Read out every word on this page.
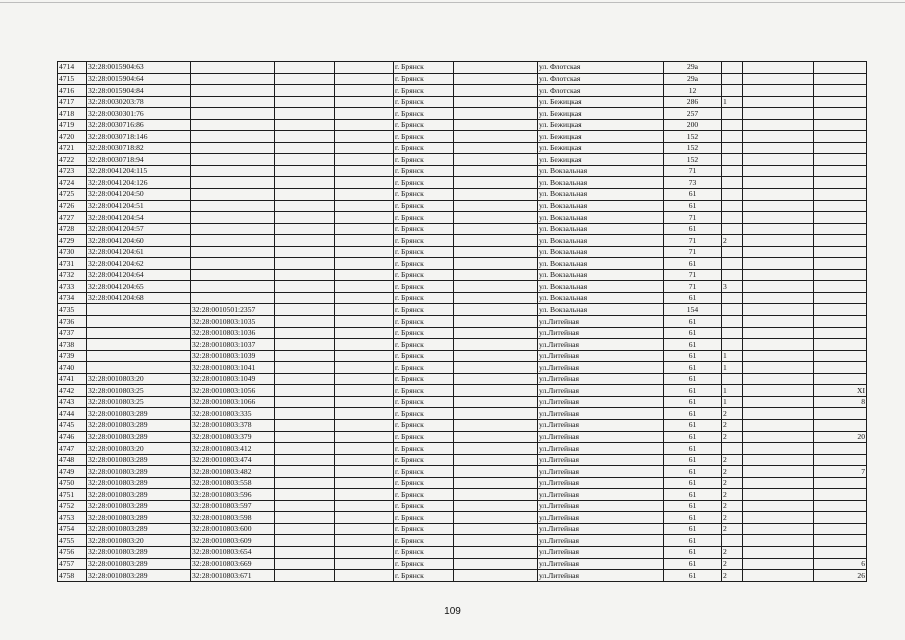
4714	32:28:0015904:63				г. Брянск		ул. Флотская	29а			
4715	32:28:0015904:64				г. Брянск		ул. Флотская	29а			
4716	32:28:0015904:84				г. Брянск		ул. Флотская	12			
4717	32:28:0030203:78				г. Брянск		ул. Бежицкая	286	1		
4718	32:28:0030301:76				г. Брянск		ул. Бежицкая	257			
4719	32:28:0030716:86				г. Брянск		ул. Бежицкая	200			
4720	32:28:0030718:146				г. Брянск		ул. Бежицкая	152			
4721	32:28:0030718:82				г. Брянск		ул. Бежицкая	152			
4722	32:28:0030718:94				г. Брянск		ул. Бежицкая	152			
4723	32:28:0041204:115				г. Брянск		ул. Вокзальная	71			
4724	32:28:0041204:126				г. Брянск		ул. Вокзальная	73			
4725	32:28:0041204:50				г. Брянск		ул. Вокзальная	61			
4726	32:28:0041204:51				г. Брянск		ул. Вокзальная	61			
4727	32:28:0041204:54				г. Брянск		ул. Вокзальная	71			
4728	32:28:0041204:57				г. Брянск		ул. Вокзальная	61			
4729	32:28:0041204:60				г. Брянск		ул. Вокзальная	71	2		
4730	32:28:0041204:61				г. Брянск		ул. Вокзальная	71			
4731	32:28:0041204:62				г. Брянск		ул. Вокзальная	61			
4732	32:28:0041204:64				г. Брянск		ул. Вокзальная	71			
4733	32:28:0041204:65				г. Брянск		ул. Вокзальная	71	3		
4734	32:28:0041204:68				г. Брянск		ул. Вокзальная	61			
4735		32:28:0010501:2357			г. Брянск		ул. Вокзальная	154			
4736		32:28:0010803:1035			г. Брянск		ул.Литейная	61			
4737		32:28:0010803:1036			г. Брянск		ул.Литейная	61			
4738		32:28:0010803:1037			г. Брянск		ул.Литейная	61			
4739		32:28:0010803:1039			г. Брянск		ул.Литейная	61	1		
4740		32:28:0010803:1041			г. Брянск		ул.Литейная	61	1		
4741	32:28:0010803:20	32:28:0010803:1049			г. Брянск		ул.Литейная	61			
4742	32:28:0010803:25	32:28:0010803:1056			г. Брянск		ул.Литейная	61	1		XI
4743	32:28:0010803:25	32:28:0010803:1066			г. Брянск		ул.Литейная	61	1		8
4744	32:28:0010803:289	32:28:0010803:335			г. Брянск		ул.Литейная	61	2		
4745	32:28:0010803:289	32:28:0010803:378			г. Брянск		ул.Литейная	61	2		
4746	32:28:0010803:289	32:28:0010803:379			г. Брянск		ул.Литейная	61	2		20
4747	32:28:0010803:20	32:28:0010803:412			г. Брянск		ул.Литейная	61			
4748	32:28:0010803:289	32:28:0010803:474			г. Брянск		ул.Литейная	61	2		
4749	32:28:0010803:289	32:28:0010803:482			г. Брянск		ул.Литейная	61	2		7
4750	32:28:0010803:289	32:28:0010803:558			г. Брянск		ул.Литейная	61	2		
4751	32:28:0010803:289	32:28:0010803:596			г. Брянск		ул.Литейная	61	2		
4752	32:28:0010803:289	32:28:0010803:597			г. Брянск		ул.Литейная	61	2		
4753	32:28:0010803:289	32:28:0010803:598			г. Брянск		ул.Литейная	61	2		
4754	32:28:0010803:289	32:28:0010803:600			г. Брянск		ул.Литейная	61	2		
4755	32:28:0010803:20	32:28:0010803:609			г. Брянск		ул.Литейная	61			
4756	32:28:0010803:289	32:28:0010803:654			г. Брянск		ул.Литейная	61	2		
4757	32:28:0010803:289	32:28:0010803:669			г. Брянск		ул.Литейная	61	2		6
4758	32:28:0010803:289	32:28:0010803:671			г. Брянск		ул.Литейная	61	2		26
109
